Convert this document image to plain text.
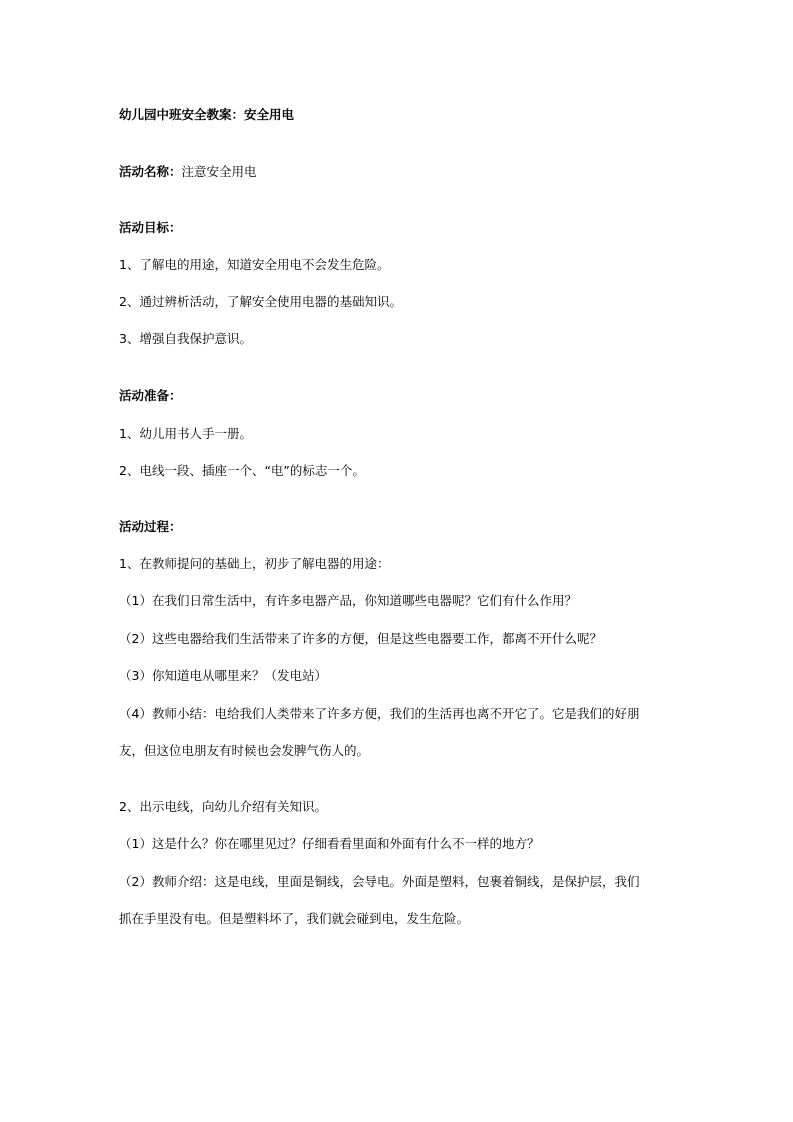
幼儿园中班安全教案：安全用电

活动名称：注意安全用电

活动目标：

1、了解电的用途，知道安全用电不会发生危险。

2、通过辨析活动，了解安全使用电器的基础知识。

3、增强自我保护意识。

活动准备：

1、幼儿用书人手一册。

2、电线一段、插座一个、“电”的标志一个。

活动过程：

1、在教师提问的基础上，初步了解电器的用途：

（1）在我们日常生活中，有许多电器产品，你知道哪些电器呢？它们有什么作用？

（2）这些电器给我们生活带来了许多的方便，但是这些电器要工作，都离不开什么呢？

（3）你知道电从哪里来？（发电站）

（4）教师小结：电给我们人类带来了许多方便，我们的生活再也离不开它了。它是我们的好朋

友，但这位电朋友有时候也会发脾气伤人的。

2、出示电线，向幼儿介绍有关知识。

（1）这是什么？你在哪里见过？仔细看看里面和外面有什么不一样的地方？

（2）教师介绍：这是电线，里面是铜线，会导电。外面是塑料，包裹着铜线，是保护层，我们

抓在手里没有电。但是塑料坏了，我们就会碰到电，发生危险。
